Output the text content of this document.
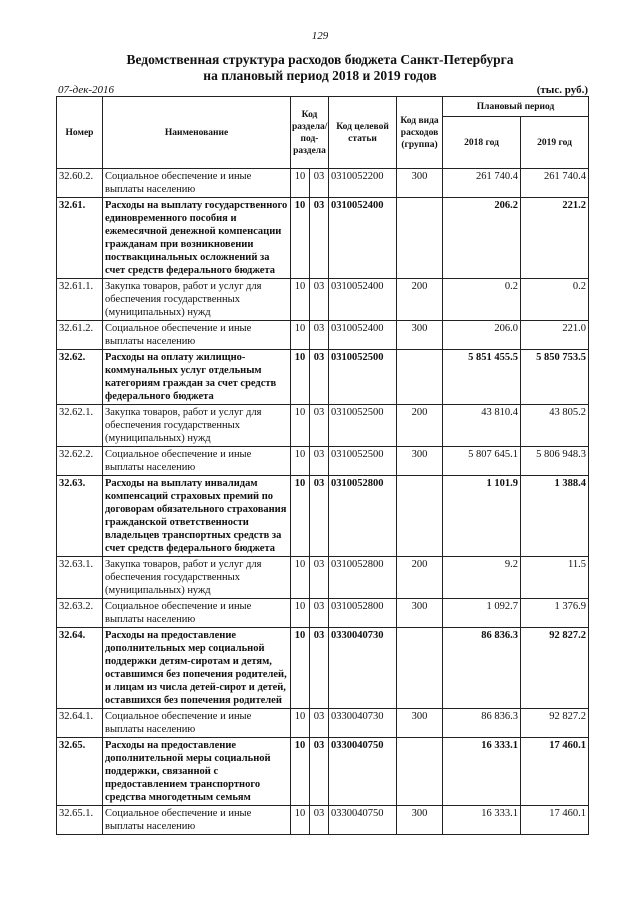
129
Ведомственная структура расходов бюджета Санкт-Петербурга
на плановый период 2018 и 2019 годов
07-дек-2016	(тыс. руб.)
Номер	Наименование	Код раздела/ под-раздела		Код целевой статьи	Код вида расходов (группа)	Плановый период	
						2018 год	2019 год
32.60.2.	Социальное обеспечение и иные выплаты населению	10	03	0310052200	300	261 740.4	261 740.4
32.61.	Расходы на выплату государственного единовременного пособия и ежемесячной денежной компенсации гражданам при возникновении поствакцинальных осложнений за счет средств федерального бюджета	10	03	0310052400		206.2	221.2
32.61.1.	Закупка товаров, работ и услуг для обеспечения государственных (муниципальных) нужд	10	03	0310052400	200	0.2	0.2
32.61.2.	Социальное обеспечение и иные выплаты населению	10	03	0310052400	300	206.0	221.0
32.62.	Расходы на оплату жилищно-коммунальных услуг отдельным категориям граждан за счет средств федерального бюджета	10	03	0310052500		5 851 455.5	5 850 753.5
32.62.1.	Закупка товаров, работ и услуг для обеспечения государственных (муниципальных) нужд	10	03	0310052500	200	43 810.4	43 805.2
32.62.2.	Социальное обеспечение и иные выплаты населению	10	03	0310052500	300	5 807 645.1	5 806 948.3
32.63.	Расходы на выплату инвалидам компенсаций страховых премий по договорам обязательного страхования гражданской ответственности владельцев транспортных средств за счет средств федерального бюджета	10	03	0310052800		1 101.9	1 388.4
32.63.1.	Закупка товаров, работ и услуг для обеспечения государственных (муниципальных) нужд	10	03	0310052800	200	9.2	11.5
32.63.2.	Социальное обеспечение и иные выплаты населению	10	03	0310052800	300	1 092.7	1 376.9
32.64.	Расходы на предоставление дополнительных мер социальной поддержки детям-сиротам и детям, оставшимся без попечения родителей, и лицам из числа детей-сирот и детей, оставшихся без попечения родителей	10	03	0330040730		86 836.3	92 827.2
32.64.1.	Социальное обеспечение и иные выплаты населению	10	03	0330040730	300	86 836.3	92 827.2
32.65.	Расходы на предоставление дополнительной меры социальной поддержки, связанной с предоставлением транспортного средства многодетным семьям	10	03	0330040750		16 333.1	17 460.1
32.65.1.	Социальное обеспечение и иные выплаты населению	10	03	0330040750	300	16 333.1	17 460.1
